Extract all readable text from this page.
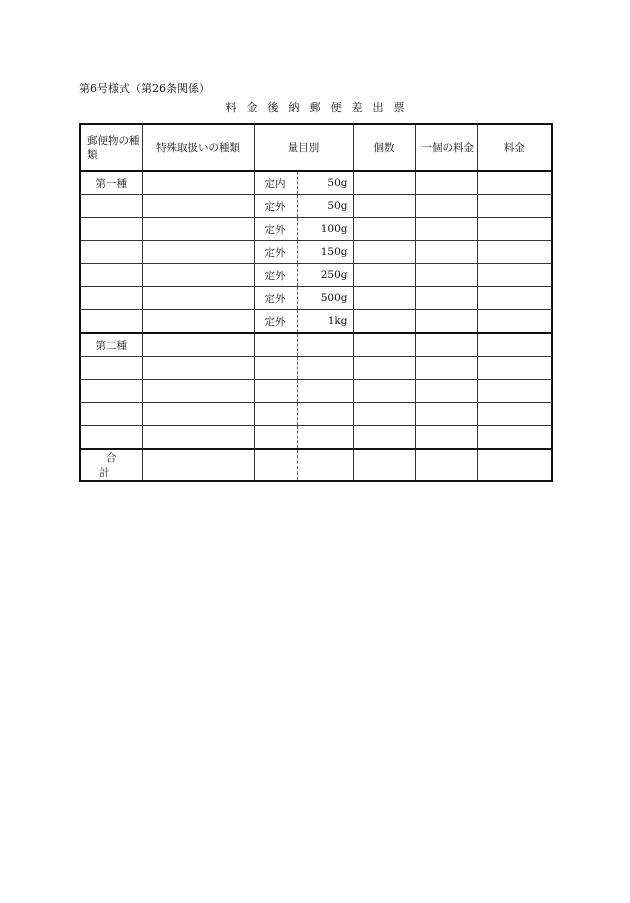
第6号様式（第26条関係）
料金後納郵便差出票
郵便物の種類	特殊取扱いの種類	量目別		個数	一個の料金	料金
第一種		定内	50g			
		定外	50g			
		定外	100g			
		定外	150g			
		定外	250g			
		定外	500g			
		定外	1kg			
第二種						

合計						
